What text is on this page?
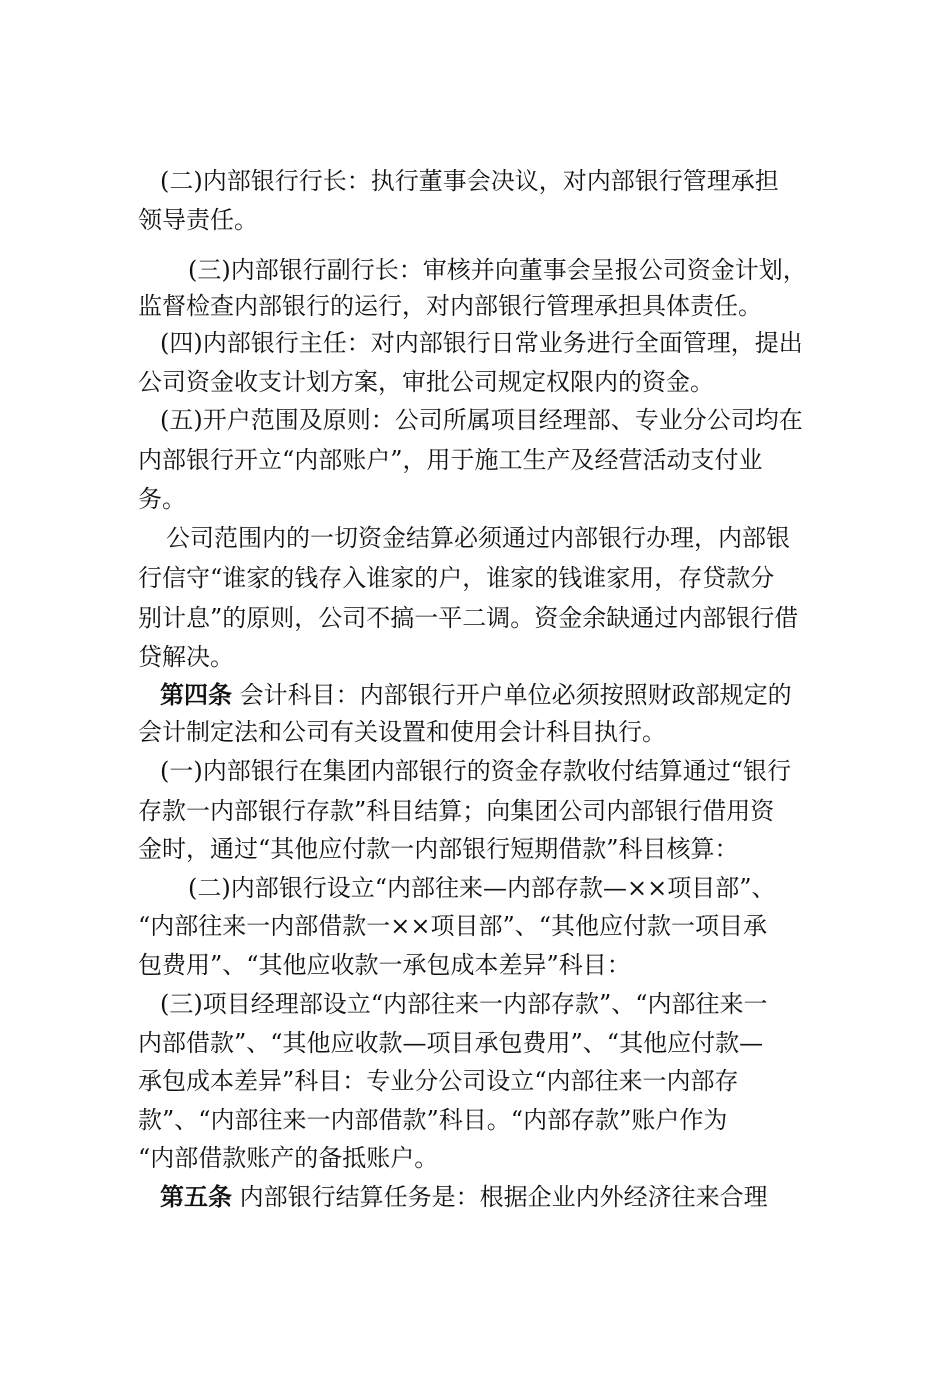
(二)内部银行行长：执行董事会决议，对内部银行管理承担
领导责任。
(三)内部银行副行长：审核并向董事会呈报公司资金计划，
监督检查内部银行的运行，对内部银行管理承担具体责任。
(四)内部银行主任：对内部银行日常业务进行全面管理，提出
公司资金收支计划方案，审批公司规定权限内的资金。
(五)开户范围及原则：公司所属项目经理部、专业分公司均在
内部银行开立“内部账户”，用于施工生产及经营活动支付业
务。
公司范围内的一切资金结算必须通过内部银行办理，内部银
行信守“谁家的钱存入谁家的户，谁家的钱谁家用，存贷款分
别计息”的原则，公司不搞一平二调。资金余缺通过内部银行借
贷解决。
第四条 会计科目：内部银行开户单位必须按照财政部规定的
会计制定法和公司有关设置和使用会计科目执行。
(一)内部银行在集团内部银行的资金存款收付结算通过“银行
存款一内部银行存款”科目结算；向集团公司内部银行借用资
金时，通过“其他应付款一内部银行短期借款”科目核算：
(二)内部银行设立“内部往来—内部存款—××项目部”、
“内部往来一内部借款一××项目部”、“其他应付款一项目承
包费用”、“其他应收款一承包成本差异”科目：
(三)项目经理部设立“内部往来一内部存款”、“内部往来一
内部借款”、“其他应收款—项目承包费用”、“其他应付款—
承包成本差异”科目：专业分公司设立“内部往来一内部存
款”、“内部往来一内部借款”科目。“内部存款”账户作为
“内部借款账产的备抵账户。
第五条 内部银行结算任务是：根据企业内外经济往来合理
